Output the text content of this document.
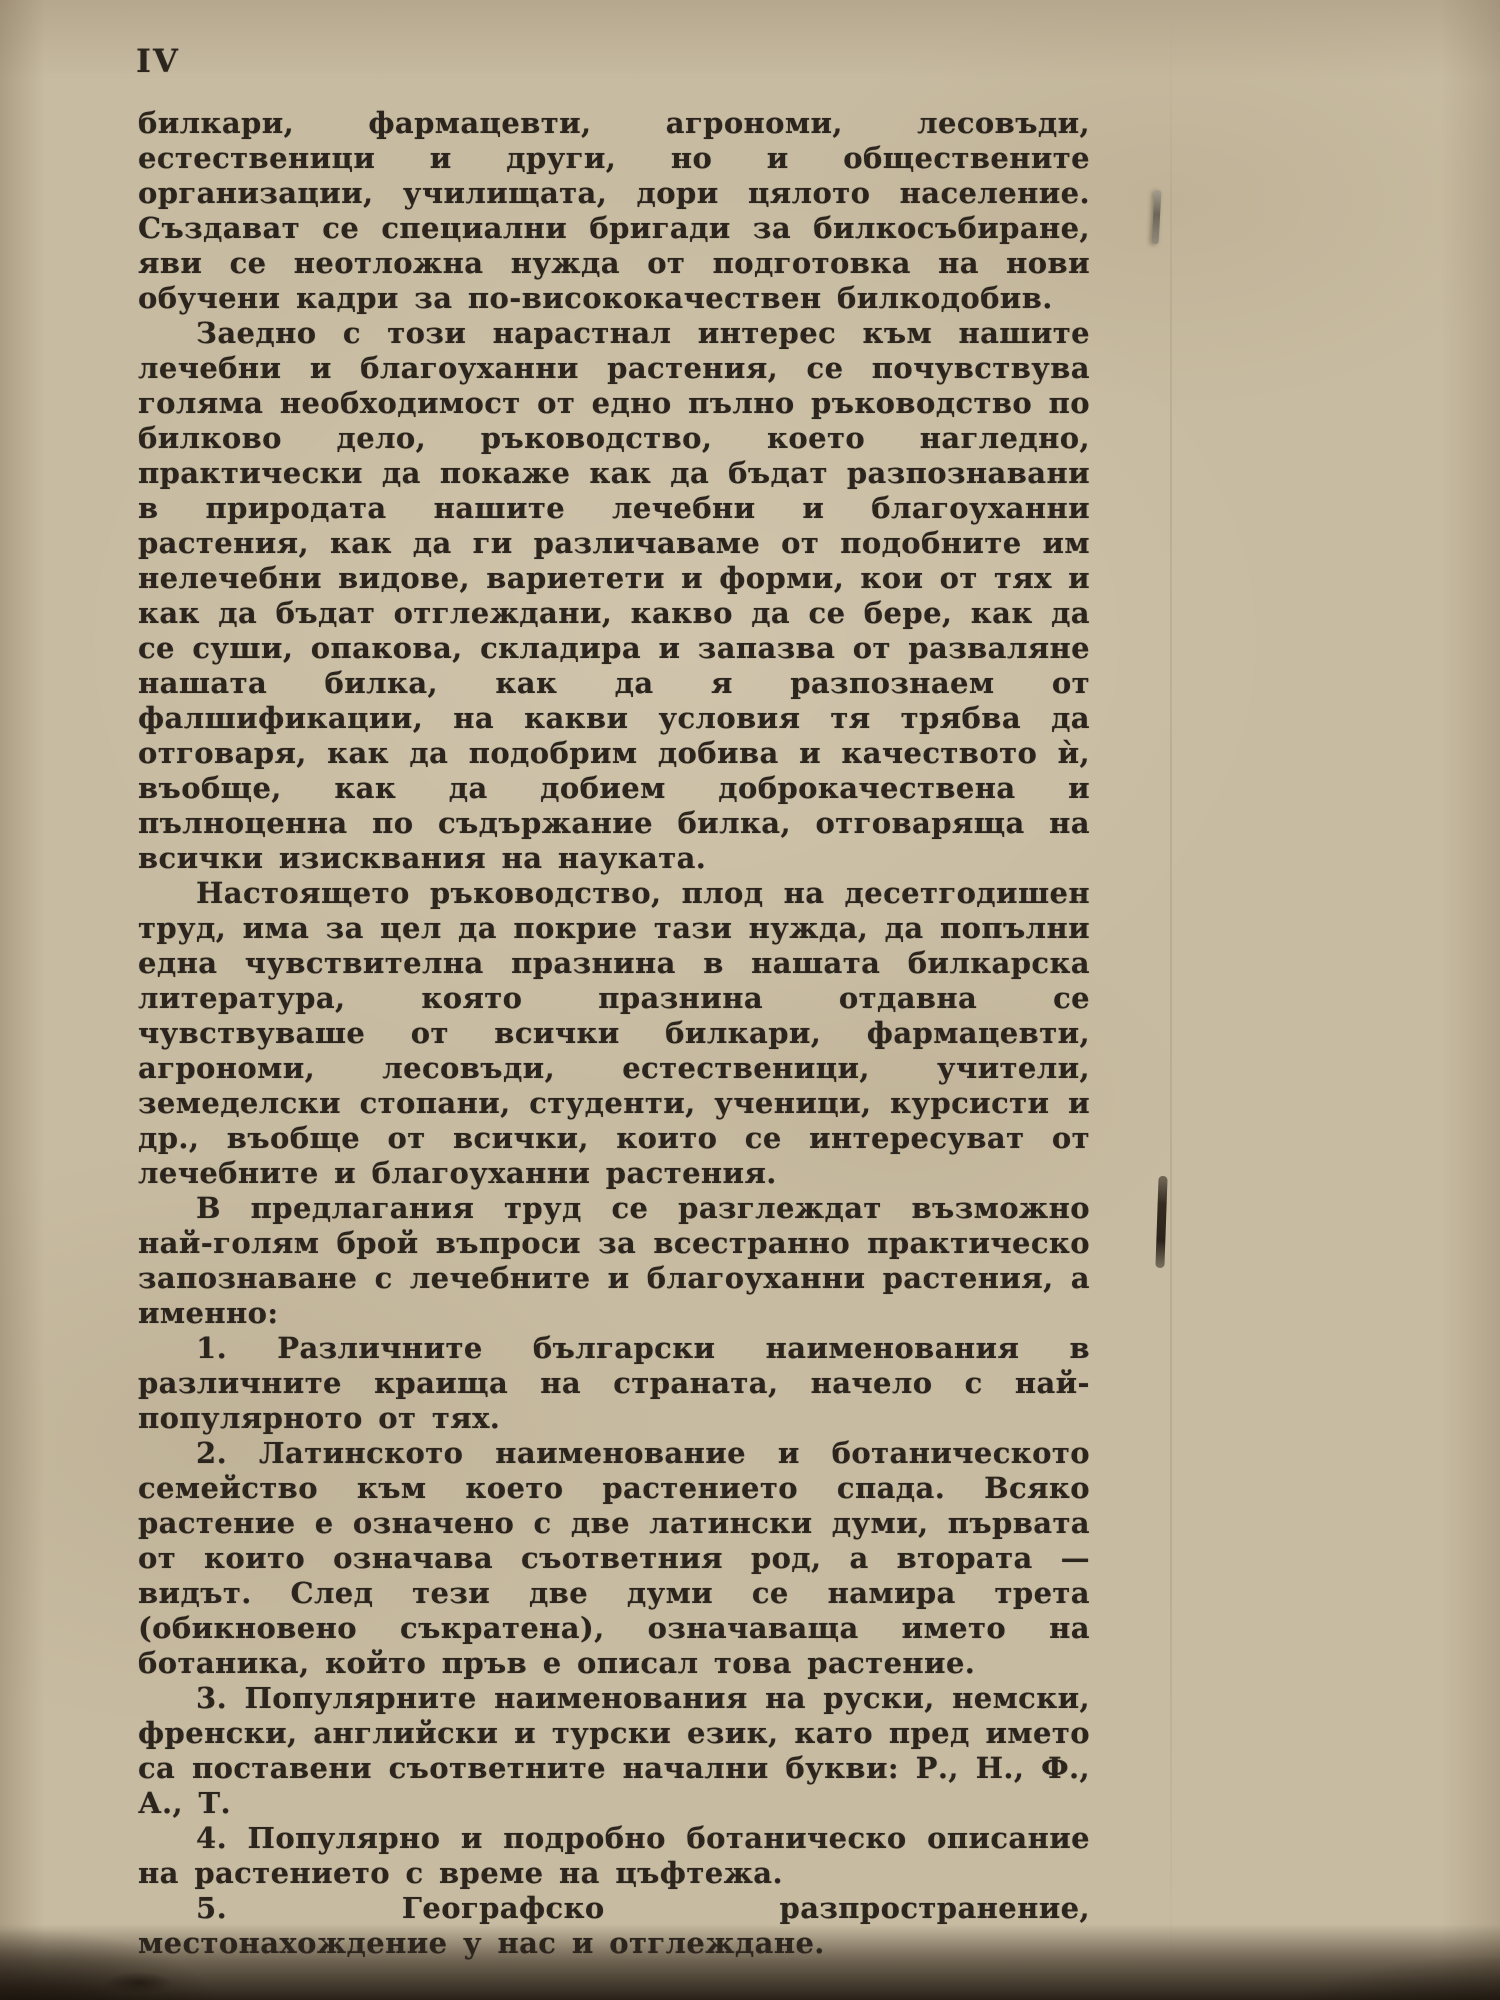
IV

билкари, фармацевти, агрономи, лесовъди, естественици и други, но и обществените организации, училищата, дори цялото население. Създават се специални бригади за билкосъбиране, яви се неотложна нужда от подготовка на нови обучени кадри за по-висококачествен билкодобив.

Заедно с този нарастнал интерес към нашите лечебни и благоуханни растения, се почувствува голяма необходимост от едно пълно ръководство по билково дело, ръководство, което нагледно, практически да покаже как да бъдат разпознавани в природата нашите лечебни и благоуханни растения, как да ги различаваме от подобните им нелечебни видове, вариетети и форми, кои от тях и как да бъдат отглеждани, какво да се бере, как да се суши, опакова, складира и запазва от разваляне нашата билка, как да я разпознаем от фалшификации, на какви условия тя трябва да отговаря, как да подобрим добива и качеството ѝ, въобще, как да добием доброкачествена и пълноценна по съдържание билка, отговаряща на всички изисквания на науката.

Настоящето ръководство, плод на десетгодишен труд, има за цел да покрие тази нужда, да попълни една чувствителна празнина в нашата билкарска литература, която празнина отдавна се чувствуваше от всички билкари, фармацевти, агрономи, лесовъди, естественици, учители, земеделски стопани, студенти, ученици, курсисти и др., въобще от всички, които се интересуват от лечебните и благоуханни растения.

В предлагания труд се разглеждат възможно най-голям брой въпроси за всестранно практическо запознаване с лечебните и благоуханни растения, а именно:

1. Различните български наименования в различните краища на страната, начело с най-популярното от тях.

2. Латинското наименование и ботаническото семейство към което растението спада. Всяко растение е означено с две латински думи, първата от които означава съответния род, а втората — видът. След тези две думи се намира трета (обикновено съкратена), означаваща името на ботаника, който пръв е описал това растение.

3. Популярните наименования на руски, немски, френски, английски и турски език, като пред името са поставени съответните начални букви: Р., Н., Ф., А., Т.

4. Популярно и подробно ботаническо описание на растението с време на цъфтежа.

5. Географско разпространение, местонахождение у нас и отглеждане.
